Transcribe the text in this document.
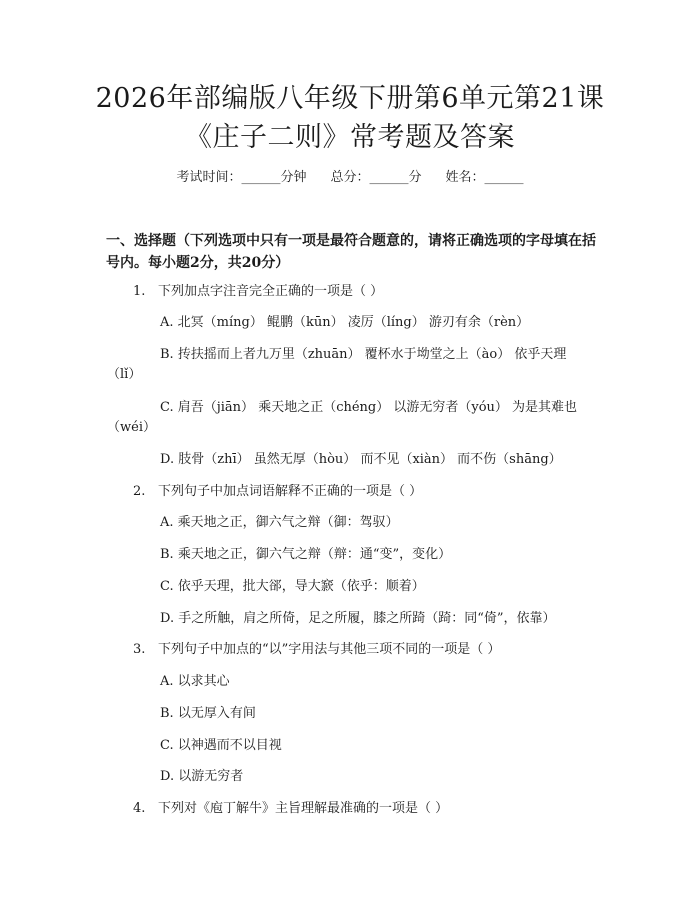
2026年部编版八年级下册第6单元第21课
《庄子二则》常考题及答案
考试时间：______分钟 总分：______分 姓名：______
一、选择题（下列选项中只有一项是最符合题意的，请将正确选项的字母填在括
号内。每小题2分，共20分）
1. 下列加点字注音完全正确的一项是（ ）
A. 北冥（míng） 鲲鹏（kūn） 凌厉（líng） 游刃有余（rèn）
B. 抟扶摇而上者九万里（zhuān） 覆杯水于坳堂之上（ào） 依乎天理
（lǐ）
C. 肩吾（jiān） 乘天地之正（chéng） 以游无穷者（yóu） 为是其难也
（wéi）
D. 肢骨（zhī） 虽然无厚（hòu） 而不见（xiàn） 而不伤（shāng）
2. 下列句子中加点词语解释不正确的一项是（ ）
A. 乘天地之正，御六气之辩（御：驾驭）
B. 乘天地之正，御六气之辩（辩：通“变”，变化）
C. 依乎天理，批大郤，导大窾（依乎：顺着）
D. 手之所触，肩之所倚，足之所履，膝之所踦（踦：同“倚”，依靠）
3. 下列句子中加点的“以”字用法与其他三项不同的一项是（ ）
A. 以求其心
B. 以无厚入有间
C. 以神遇而不以目视
D. 以游无穷者
4. 下列对《庖丁解牛》主旨理解最准确的一项是（ ）
